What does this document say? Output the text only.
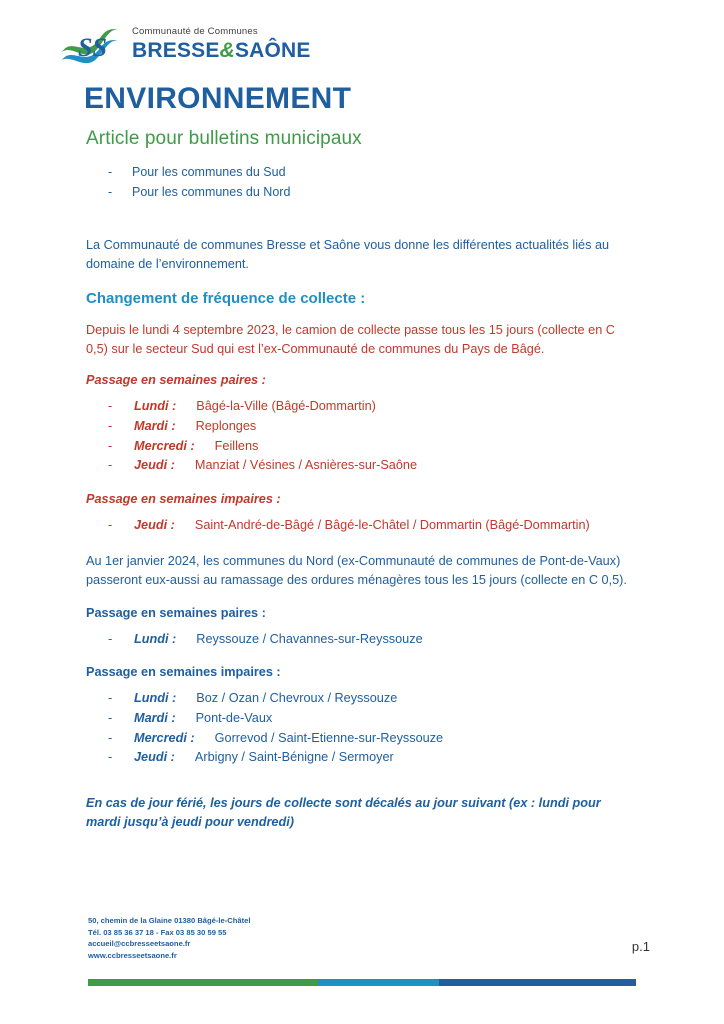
SS
Communauté de Communes
BRESSE&SAÔNE
ENVIRONNEMENT
Article pour bulletins municipaux
- Pour les communes du Sud
- Pour les communes du Nord

La Communauté de communes Bresse et Saône vous donne les différentes actualités liés au domaine de l’environnement.

Changement de fréquence de collecte :

Depuis le lundi 4 septembre 2023, le camion de collecte passe tous les 15 jours (collecte en C 0,5) sur le secteur Sud qui est l’ex-Communauté de communes du Pays de Bâgé.

Passage en semaines paires :
- Lundi : Bâgé-la-Ville (Bâgé-Dommartin)
- Mardi : Replonges
- Mercredi : Feillens
- Jeudi : Manziat / Vésines / Asnières-sur-Saône
Passage en semaines impaires :
- Jeudi : Saint-André-de-Bâgé / Bâgé-le-Châtel / Dommartin (Bâgé-Dommartin)

Au 1er janvier 2024, les communes du Nord (ex-Communauté de communes de Pont-de-Vaux) passeront eux-aussi au ramassage des ordures ménagères tous les 15 jours (collecte en C 0,5).

Passage en semaines paires :
- Lundi : Reyssouze / Chavannes-sur-Reyssouze
Passage en semaines impaires :
- Lundi : Boz / Ozan / Chevroux / Reyssouze
- Mardi : Pont-de-Vaux
- Mercredi : Gorrevod / Saint-Etienne-sur-Reyssouze
- Jeudi : Arbigny / Saint-Bénigne / Sermoyer
En cas de jour férié, les jours de collecte sont décalés au jour suivant (ex : lundi pour mardi jusqu’à jeudi pour vendredi)
50, chemin de la Glaine 01380 Bâgé-le-Châtel
Tél. 03 85 36 37 18 - Fax 03 85 30 59 55
accueil@ccbresseetsaone.fr
www.ccbresseetsaone.fr
p.1
